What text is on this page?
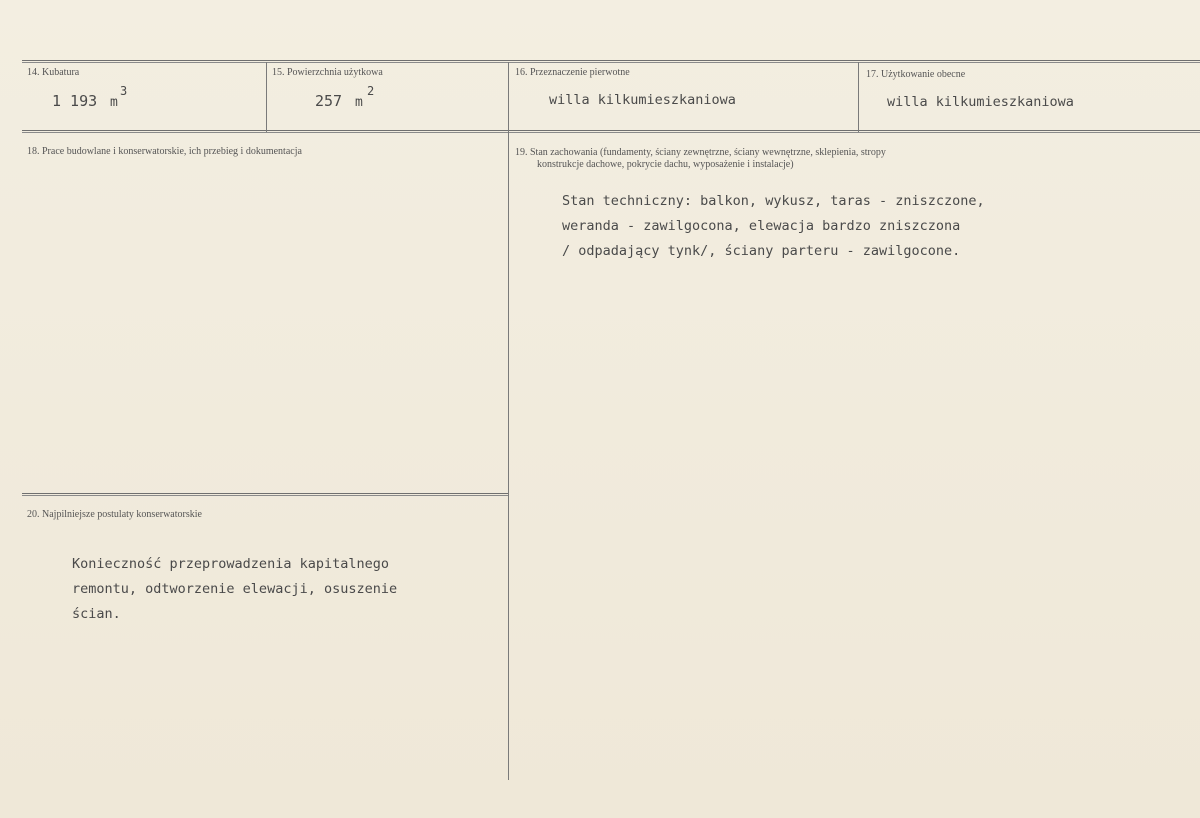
14. Kubatura
1 193 m
3
15. Powierzchnia użytkowa
257 m
2
16. Przeznaczenie pierwotne
willa kilkumieszkaniowa
17. Użytkowanie obecne
willa kilkumieszkaniowa
18. Prace budowlane i konserwatorskie, ich przebieg i dokumentacja	19. Stan zachowania (fundamenty, ściany zewnętrzne, ściany wewnętrzne, sklepienia, stropy
konstrukcje dachowe, pokrycie dachu, wyposażenie i instalacje)
Stan techniczny: balkon, wykusz, taras - zniszczone,
weranda - zawilgocona, elewacja bardzo zniszczona
/ odpadający tynk/, ściany parteru - zawilgocone.
20. Najpilniejsze postulaty konserwatorskie
Konieczność przeprowadzenia kapitalnego
remontu, odtworzenie elewacji, osuszenie
ścian.
